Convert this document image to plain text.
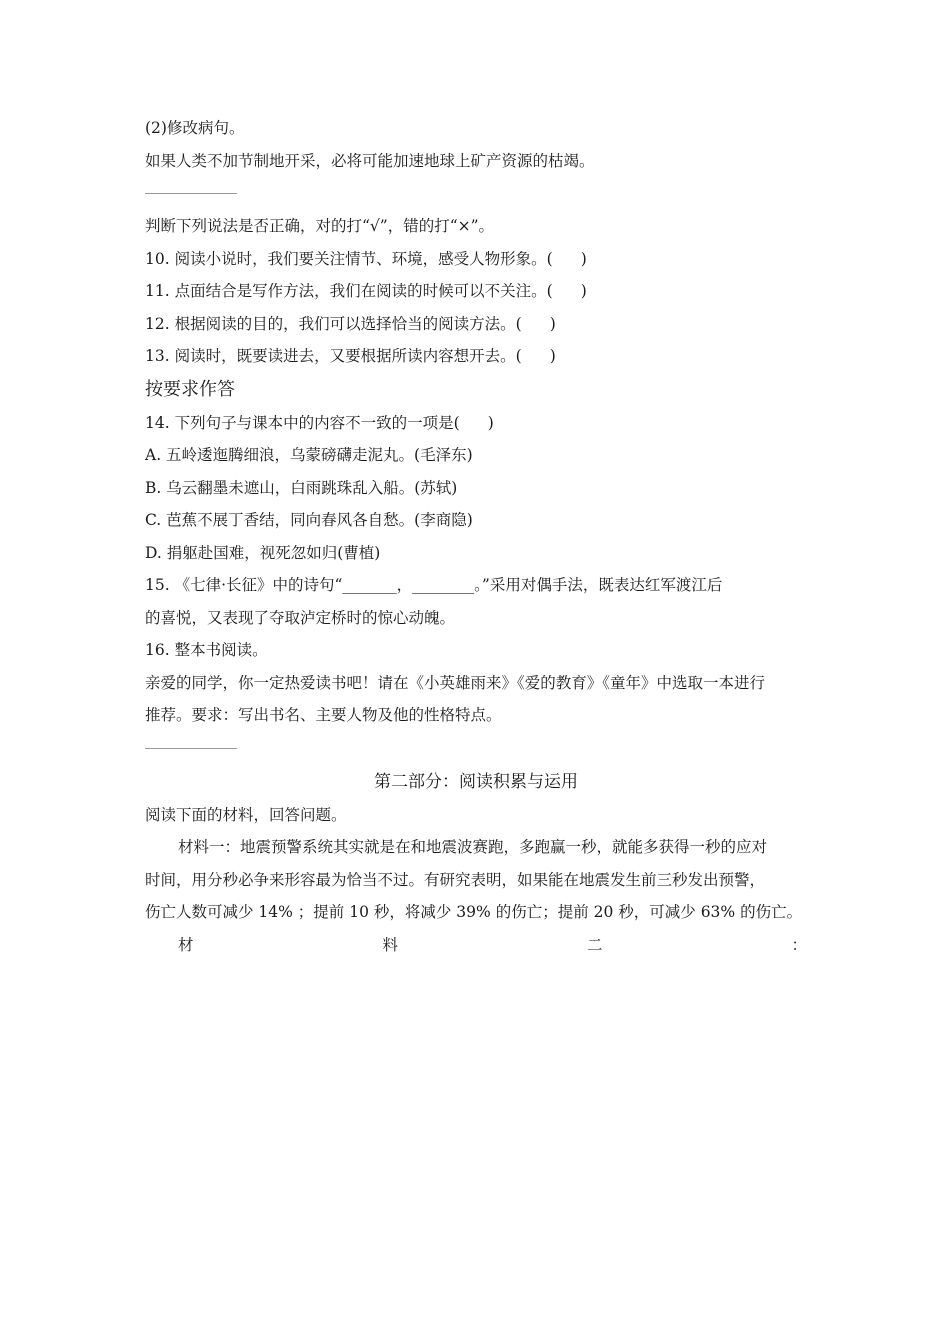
(2)修改病句。
如果人类不加节制地开采，必将可能加速地球上矿产资源的枯竭。
判断下列说法是否正确，对的打“√”，错的打“×”。
10. 阅读小说时，我们要关注情节、环境，感受人物形象。( )
11. 点面结合是写作方法，我们在阅读的时候可以不关注。( )
12. 根据阅读的目的，我们可以选择恰当的阅读方法。( )
13. 阅读时，既要读进去，又要根据所读内容想开去。( )
按要求作答
14. 下列句子与课本中的内容不一致的一项是( )
A. 五岭逶迤腾细浪，乌蒙磅礴走泥丸。(毛泽东)
B. 乌云翻墨未遮山，白雨跳珠乱入船。(苏轼)
C. 芭蕉不展丁香结，同向春风各自愁。(李商隐)
D. 捐躯赴国难，视死忽如归(曹植)
15. 《七律·长征》中的诗句“_______，________。”采用对偶手法，既表达红军渡江后
的喜悦，又表现了夺取泸定桥时的惊心动魄。
16. 整本书阅读。
亲爱的同学，你一定热爱读书吧！请在《小英雄雨来》《爱的教育》《童年》中选取一本进行
推荐。要求：写出书名、主要人物及他的性格特点。
第二部分：阅读积累与运用
阅读下面的材料，回答问题。
材料一：地震预警系统其实就是在和地震波赛跑，多跑赢一秒，就能多获得一秒的应对
时间，用分秒必争来形容最为恰当不过。有研究表明，如果能在地震发生前三秒发出预警，
伤亡人数可减少 14% ；提前 10 秒，将减少 39% 的伤亡；提前 20 秒，可减少 63% 的伤亡。
材	料	二	：
